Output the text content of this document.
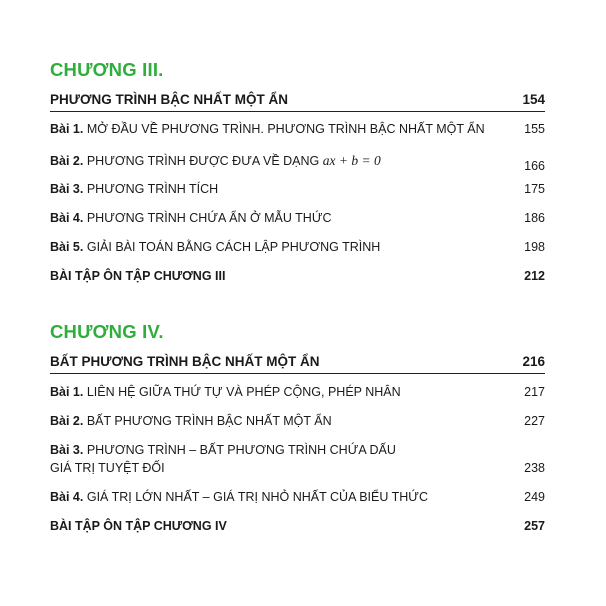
CHƯƠNG III.
PHƯƠNG TRÌNH BẬC NHẤT MỘT ẨN	154
Bài 1. MỞ ĐẦU VỀ PHƯƠNG TRÌNH. PHƯƠNG TRÌNH BẬC NHẤT MỘT ẨN	155
Bài 2. PHƯƠNG TRÌNH ĐƯỢC ĐƯA VỀ DẠNG ax + b = 0	166
Bài 3. PHƯƠNG TRÌNH TÍCH	175
Bài 4. PHƯƠNG TRÌNH CHỨA ẨN Ở MẪU THỨC	186
Bài 5. GIẢI BÀI TOÁN BẰNG CÁCH LẬP PHƯƠNG TRÌNH	198
BÀI TẬP ÔN TẬP CHƯƠNG III	212
CHƯƠNG IV.
BẤT PHƯƠNG TRÌNH BẬC NHẤT MỘT ẨN	216
Bài 1. LIÊN HỆ GIỮA THỨ TỰ VÀ PHÉP CỘNG, PHÉP NHÂN	217
Bài 2. BẤT PHƯƠNG TRÌNH BẬC NHẤT MỘT ẨN	227
Bài 3. PHƯƠNG TRÌNH – BẤT PHƯƠNG TRÌNH CHỨA DẤU
GIÁ TRỊ TUYỆT ĐỐI	238
Bài 4. GIÁ TRỊ LỚN NHẤT – GIÁ TRỊ NHỎ NHẤT CỦA BIỂU THỨC	249
BÀI TẬP ÔN TẬP CHƯƠNG IV	257
